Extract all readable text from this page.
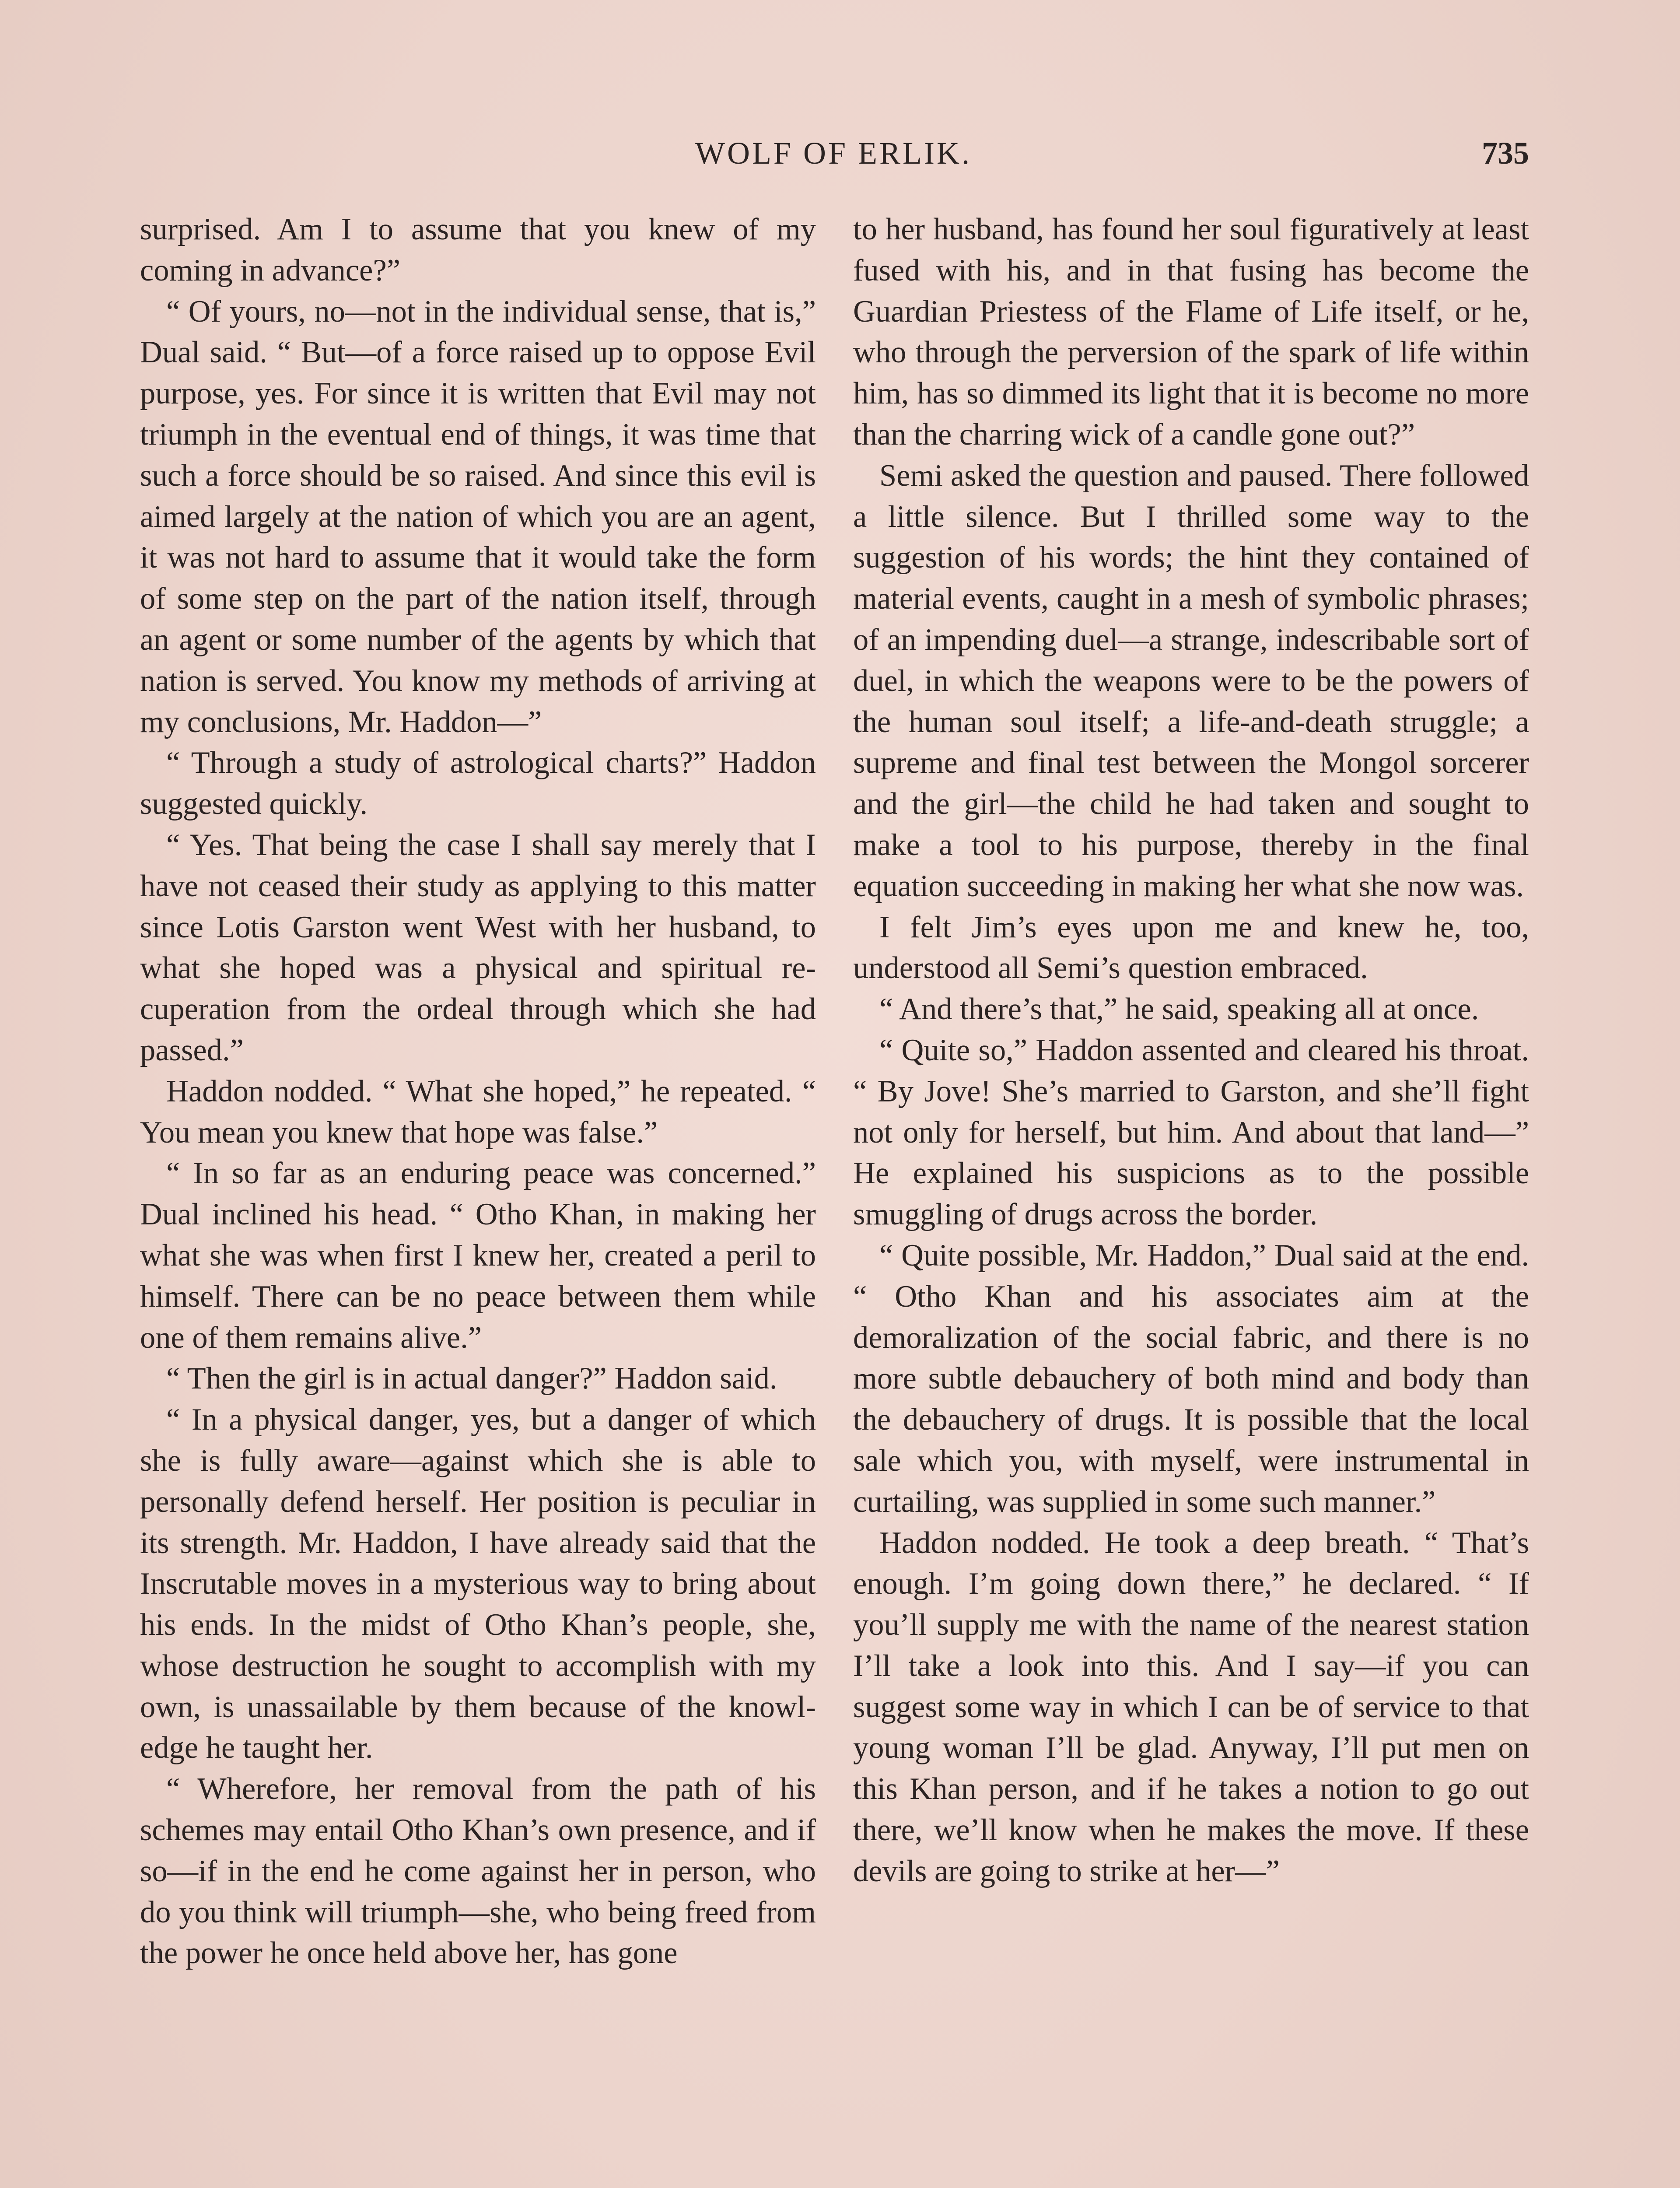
WOLF OF ERLIK.	735

surprised. Am I to assume that you knew of my coming in advance?”

“ Of yours, no—not in the individual sense, that is,” Dual said. “ But—of a force raised up to oppose Evil purpose, yes. For since it is written that Evil may not triumph in the eventual end of things, it was time that such a force should be so raised. And since this evil is aimed largely at the nation of which you are an agent, it was not hard to assume that it would take the form of some step on the part of the nation itself, through an agent or some number of the agents by which that nation is served. You know my methods of arriving at my conclusions, Mr. Haddon—”

“ Through a study of astrological charts?” Haddon suggested quickly.

“ Yes. That being the case I shall say merely that I have not ceased their study as applying to this matter since Lotis Garston went West with her husband, to what she hoped was a physical and spiritual recuperation from the ordeal through which she had passed.”

Haddon nodded. “ What she hoped,” he repeated. “ You mean you knew that hope was false.”

“ In so far as an enduring peace was concerned.” Dual inclined his head. “ Otho Khan, in making her what she was when first I knew her, created a peril to himself. There can be no peace between them while one of them remains alive.”

“ Then the girl is in actual danger?” Haddon said.

“ In a physical danger, yes, but a danger of which she is fully aware—against which she is able to personally defend herself. Her position is peculiar in its strength. Mr. Haddon, I have already said that the Inscrutable moves in a mysterious way to bring about his ends. In the midst of Otho Khan’s people, she, whose destruction he sought to accomplish with my own, is unassailable by them because of the knowledge he taught her.

“ Wherefore, her removal from the path of his schemes may entail Otho Khan’s own presence, and if so—if in the end he come against her in person, who do you think will triumph—she, who being freed from the power he once held above her, has gone

to her husband, has found her soul figuratively at least fused with his, and in that fusing has become the Guardian Priestess of the Flame of Life itself, or he, who through the perversion of the spark of life within him, has so dimmed its light that it is become no more than the charring wick of a candle gone out?”

Semi asked the question and paused. There followed a little silence. But I thrilled some way to the suggestion of his words; the hint they contained of material events, caught in a mesh of symbolic phrases; of an impending duel—a strange, indescribable sort of duel, in which the weapons were to be the powers of the human soul itself; a life-and-death struggle; a supreme and final test between the Mongol sorcerer and the girl—the child he had taken and sought to make a tool to his purpose, thereby in the final equation succeeding in making her what she now was.

I felt Jim’s eyes upon me and knew he, too, understood all Semi’s question embraced.

“ And there’s that,” he said, speaking all at once.

“ Quite so,” Haddon assented and cleared his throat. “ By Jove! She’s married to Garston, and she’ll fight not only for herself, but him. And about that land—” He explained his suspicions as to the possible smuggling of drugs across the border.

“ Quite possible, Mr. Haddon,” Dual said at the end. “ Otho Khan and his associates aim at the demoralization of the social fabric, and there is no more subtle debauchery of both mind and body than the debauchery of drugs. It is possible that the local sale which you, with myself, were instrumental in curtailing, was supplied in some such manner.”

Haddon nodded. He took a deep breath. “ That’s enough. I’m going down there,” he declared. “ If you’ll supply me with the name of the nearest station I’ll take a look into this. And I say—if you can suggest some way in which I can be of service to that young woman I’ll be glad. Anyway, I’ll put men on this Khan person, and if he takes a notion to go out there, we’ll know when he makes the move. If these devils are going to strike at her—”
